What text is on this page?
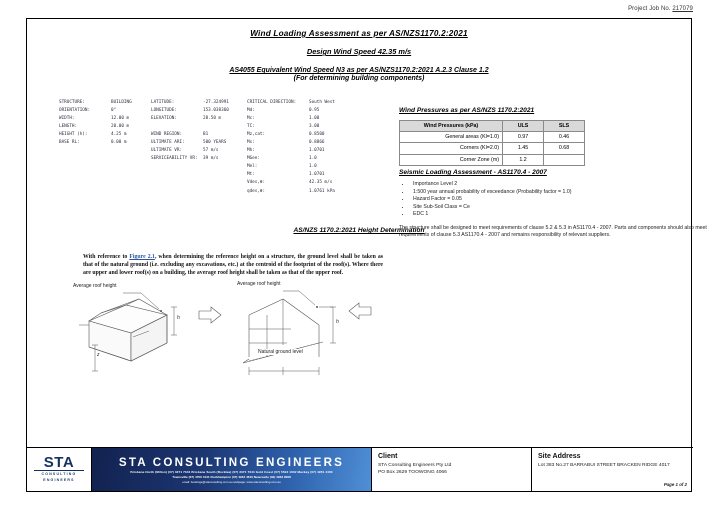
Project Job No. 217079
Wind Loading Assessment as per AS/NZS1170.2:2021
Design Wind Speed 42.35 m/s
AS4055 Equivalent Wind Speed N3 as per AS/NZS1170.2:2021 A.2.3 Clause 1.2
(For determining building components)
STRUCTURE:	BUILDING
ORIENTATION:	0°
WIDTH:	12.00 m
LENGTH:	20.00 m
HEIGHT (h):	4.25 m
BASE RL:	0.00 m
LATITUDE:	-27.324991
LONGITUDE:	153.038360
ELEVATION:	28.50 m
WIND REGION:	B1
ULTIMATE ARI:	500 YEARS
ULTIMATE VR:	57 m/s
SERVICEABILITY VR:	39 m/s
CRITICAL DIRECTION:	South West
Md:	0.95
Mc:	1.00
TC:	3.00
Mz,cat:	0.8500
Ms:	0.8866
Mh:	1.0701
MGee:	1.0
Mel:	1.0
Mt:	1.0701
Vdes,θ:	42.35 m/s
qdes,θ:	1.0761 kPa
Wind Pressures as per AS/NZS 1170.2:2021
Wind Pressures (kPa)	ULS	SLS
General areas (Kl=1.0)	0.97	0.46
Corners (Kl=2.0)	1.45	0.68
Corner Zone (m)	1.2	
Seismic Loading Assessment - AS1170.4 - 2007
• Importance Level 2
• 1:500 year annual probability of exceedance (Probability factor = 1.0)
• Hazard Factor = 0.05
• Site Sub-Soil Class = Ce
• EDC 1
The structure shall be designed to meet requirements of clause 5.2 & 5.3 in AS1170.4 - 2007. Parts and components should also meet requirements of clause 5.3 AS1170.4 - 2007 and remains responsibility of relevant suppliers.
AS/NZS 1170.2:2021 Height Determination
With reference to Figure 2.1, when determining the reference height on a structure, the ground level shall be taken as that of the natural ground (i.e. excluding any excavations, etc.) at the centroid of the footprint of the roof(s). Where there are upper and lower roof(s) on a building, the average roof height shall be taken as that of the upper roof.
Average roof height	Average roof height
Natural ground level
h
z
h
STA
CONSULTING
ENGINEERS
STA CONSULTING ENGINEERS
Brisbane North (Milton) (07) 3371 7344 Brisbane South (Rocklea) (07) 3371 7344 Gold Coast (07) 5522 1002 Mackay (07) 4951 4400
Townsville (07) 4706 4141 Rockhampton (07) 4934 4610 Newcastle (02) 4933 9008
email: bookings@staconsulting.com.au webpage: www.staconsulting.com.au
Client
STA Consulting Engineers Pty Ltd
PO Box 2629 TOOWONG 4066
Site Address
Lot 383 No.27 BARRABUI STREET BRACKEN RIDGE 4017
Page 1 of 2
